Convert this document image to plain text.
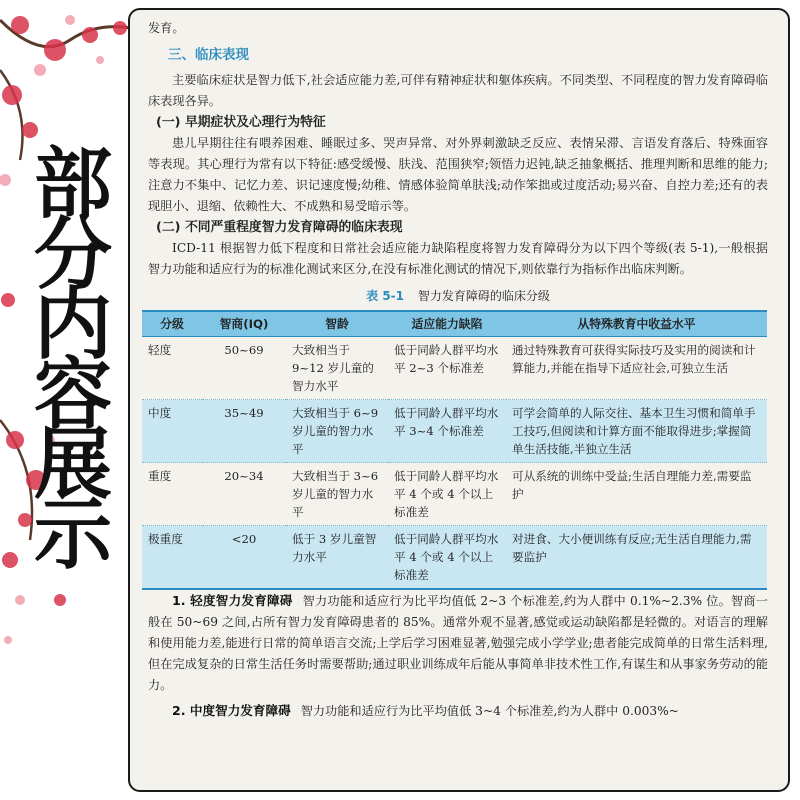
部
分
内
容
展
示

发育。

三、临床表现

主要临床症状是智力低下,社会适应能力差,可伴有精神症状和躯体疾病。不同类型、不同程度的智力发育障碍临床表现各异。

(一) 早期症状及心理行为特征

患儿早期往往有喂养困难、睡眠过多、哭声异常、对外界刺激缺乏反应、表情呆滞、言语发育落后、特殊面容等表现。其心理行为常有以下特征:感受缓慢、肤浅、范围狭窄;领悟力迟钝,缺乏抽象概括、推理判断和思维的能力;注意力不集中、记忆力差、识记速度慢;幼稚、情感体验简单肤浅;动作笨拙或过度活动;易兴奋、自控力差;还有的表现胆小、退缩、依赖性大、不成熟和易受暗示等。

(二) 不同严重程度智力发育障碍的临床表现

ICD-11 根据智力低下程度和日常社会适应能力缺陷程度将智力发育障碍分为以下四个等级(表 5-1),一般根据智力功能和适应行为的标准化测试来区分,在没有标准化测试的情况下,则依靠行为指标作出临床判断。

表 5-1 智力发育障碍的临床分级
分级	智商(IQ)	智龄	适应能力缺陷	从特殊教育中收益水平
轻度	50~69	大致相当于 9~12 岁儿童的智力水平	低于同龄人群平均水平 2~3 个标准差	通过特殊教育可获得实际技巧及实用的阅读和计算能力,并能在指导下适应社会,可独立生活
中度	35~49	大致相当于 6~9 岁儿童的智力水平	低于同龄人群平均水平 3~4 个标准差	可学会简单的人际交往、基本卫生习惯和简单手工技巧,但阅读和计算方面不能取得进步;掌握简单生活技能,半独立生活
重度	20~34	大致相当于 3~6 岁儿童的智力水平	低于同龄人群平均水平 4 个或 4 个以上标准差	可从系统的训练中受益;生活自理能力差,需要监护
极重度	<20	低于 3 岁儿童智力水平	低于同龄人群平均水平 4 个或 4 个以上标准差	对进食、大小便训练有反应;无生活自理能力,需要监护

1. 轻度智力发育障碍 智力功能和适应行为比平均值低 2~3 个标准差,约为人群中 0.1%~2.3% 位。智商一般在 50~69 之间,占所有智力发育障碍患者的 85%。通常外观不显著,感觉或运动缺陷都是轻微的。对语言的理解和使用能力差,能进行日常的简单语言交流;上学后学习困难显著,勉强完成小学学业;患者能完成简单的日常生活料理,但在完成复杂的日常生活任务时需要帮助;通过职业训练成年后能从事简单非技术性工作,有谋生和从事家务劳动的能力。

2. 中度智力发育障碍 智力功能和适应行为比平均值低 3~4 个标准差,约为人群中 0.003%~
